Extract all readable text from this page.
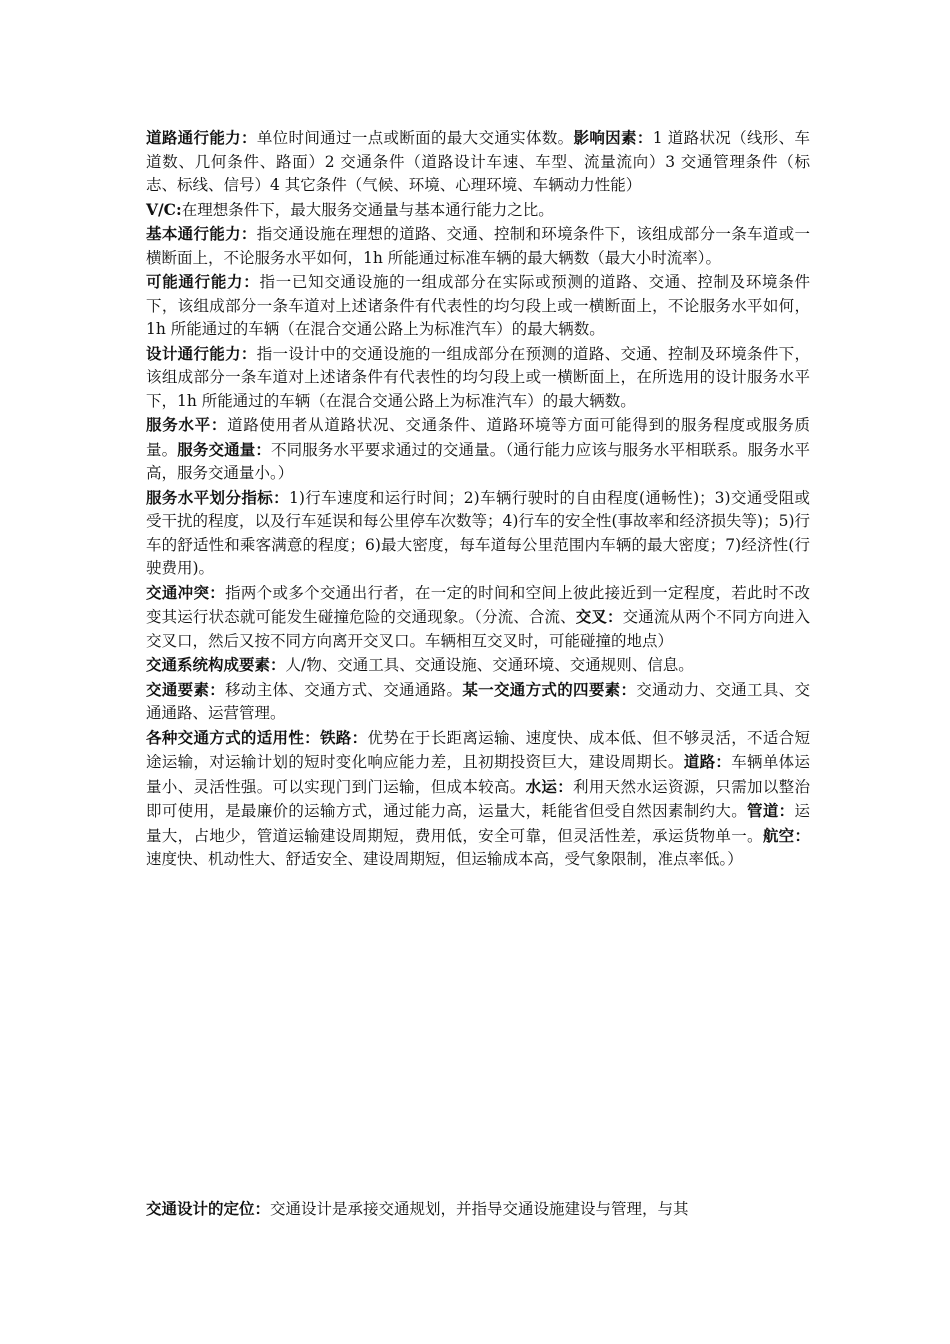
道路通行能力：单位时间通过一点或断面的最大交通实体数。影响因素：1 道路状况（线形、车道数、几何条件、路面）2 交通条件（道路设计车速、车型、流量流向）3 交通管理条件（标志、标线、信号）4 其它条件（气候、环境、心理环境、车辆动力性能）

V/C:在理想条件下，最大服务交通量与基本通行能力之比。

基本通行能力：指交通设施在理想的道路、交通、控制和环境条件下，该组成部分一条车道或一横断面上，不论服务水平如何，1h 所能通过标准车辆的最大辆数（最大小时流率）。

可能通行能力：指一已知交通设施的一组成部分在实际或预测的道路、交通、控制及环境条件下，该组成部分一条车道对上述诸条件有代表性的均匀段上或一横断面上，不论服务水平如何，1h 所能通过的车辆（在混合交通公路上为标准汽车）的最大辆数。

设计通行能力：指一设计中的交通设施的一组成部分在预测的道路、交通、控制及环境条件下，该组成部分一条车道对上述诸条件有代表性的均匀段上或一横断面上，在所选用的设计服务水平下，1h 所能通过的车辆（在混合交通公路上为标准汽车）的最大辆数。

服务水平：道路使用者从道路状况、交通条件、道路环境等方面可能得到的服务程度或服务质量。服务交通量：不同服务水平要求通过的交通量。（通行能力应该与服务水平相联系。服务水平高，服务交通量小。）

服务水平划分指标：1)行车速度和运行时间；2)车辆行驶时的自由程度(通畅性)；3)交通受阻或受干扰的程度，以及行车延误和每公里停车次数等；4)行车的安全性(事故率和经济损失等)；5)行车的舒适性和乘客满意的程度；6)最大密度，每车道每公里范围内车辆的最大密度；7)经济性(行驶费用)。

交通冲突：指两个或多个交通出行者，在一定的时间和空间上彼此接近到一定程度，若此时不改变其运行状态就可能发生碰撞危险的交通现象。（分流、合流、交叉：交通流从两个不同方向进入交叉口，然后又按不同方向离开交叉口。车辆相互交叉时，可能碰撞的地点）

交通系统构成要素：人/物、交通工具、交通设施、交通环境、交通规则、信息。

交通要素：移动主体、交通方式、交通通路。某一交通方式的四要素：交通动力、交通工具、交通通路、运营管理。

各种交通方式的适用性：铁路：优势在于长距离运输、速度快、成本低、但不够灵活，不适合短途运输，对运输计划的短时变化响应能力差，且初期投资巨大，建设周期长。道路：车辆单体运量小、灵活性强。可以实现门到门运输，但成本较高。水运：利用天然水运资源，只需加以整治即可使用，是最廉价的运输方式，通过能力高，运量大，耗能省但受自然因素制约大。管道：运量大，占地少，管道运输建设周期短，费用低，安全可靠，但灵活性差，承运货物单一。航空：速度快、机动性大、舒适安全、建设周期短，但运输成本高，受气象限制，准点率低。）

交通设计的定位：交通设计是承接交通规划，并指导交通设施建设与管理，与其
